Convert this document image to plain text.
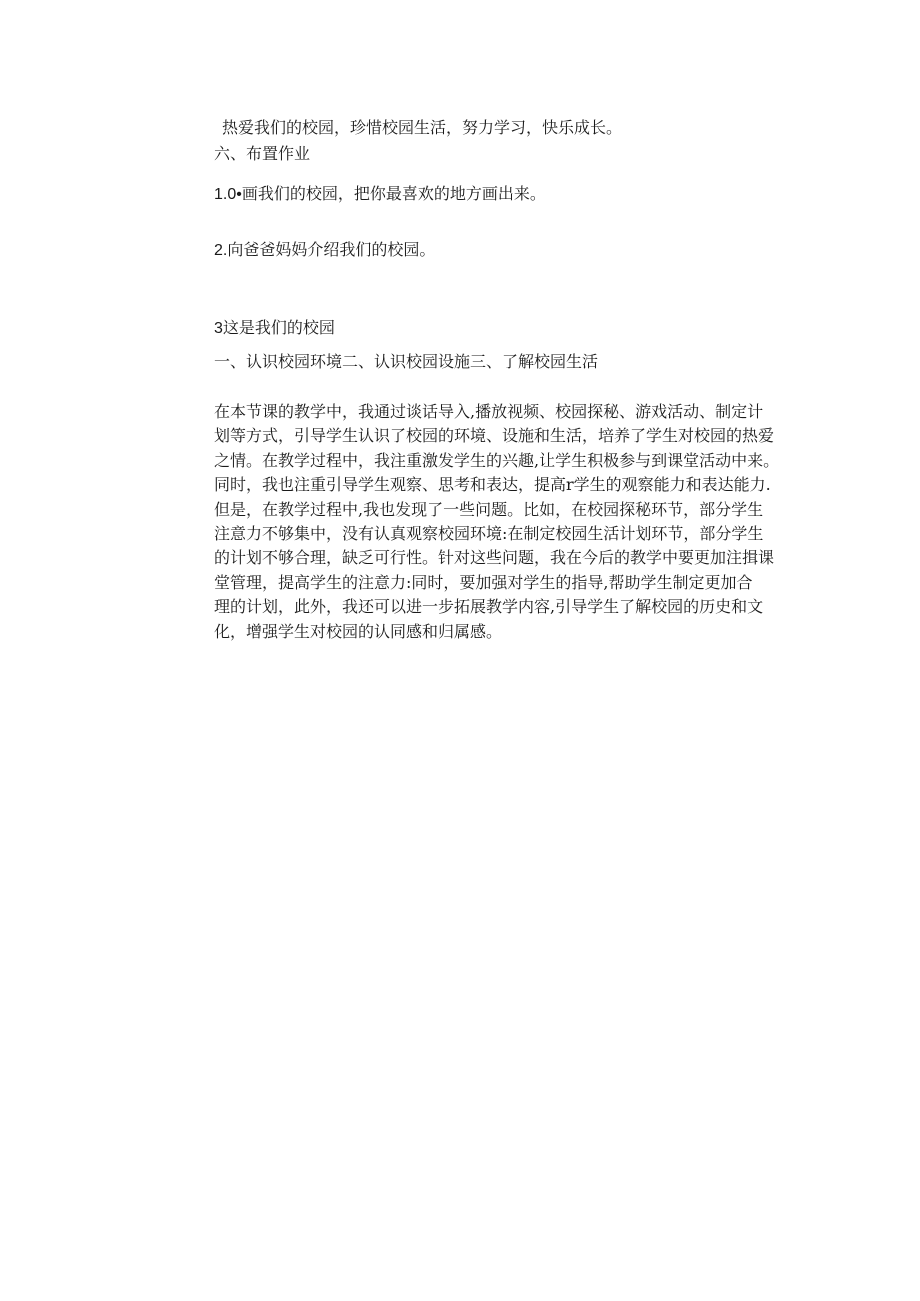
热爱我们的校园，珍惜校园生活，努力学习，快乐成长。
六、布置作业
1.0•画我们的校园，把你最喜欢的地方画出来。
2.向爸爸妈妈介绍我们的校园。
3这是我们的校园
一、认识校园环境二、认识校园设施三、了解校园生活
在本节课的教学中，我通过谈话导入,播放视频、校园探秘、游戏活动、制定计
划等方式，引导学生认识了校园的环境、设施和生活，培养了学生对校园的热爱
之情。在教学过程中，我注重激发学生的兴趣,让学生积极参与到课堂活动中来。
同时，我也注重引导学生观察、思考和表达，提高r学生的观察能力和表达能力.
但是，在教学过程中,我也发现了一些问题。比如，在校园探秘环节，部分学生
注意力不够集中，没有认真观察校园环境:在制定校园生活计划环节，部分学生
的计划不够合理，缺乏可行性。针对这些问题，我在今后的教学中要更加注揖课
堂管理，提高学生的注意力:同时，要加强对学生的指导,帮助学生制定更加合
理的计划，此外，我还可以进一步拓展教学内容,引导学生了解校园的历史和文
化，增强学生对校园的认同感和归属感。
